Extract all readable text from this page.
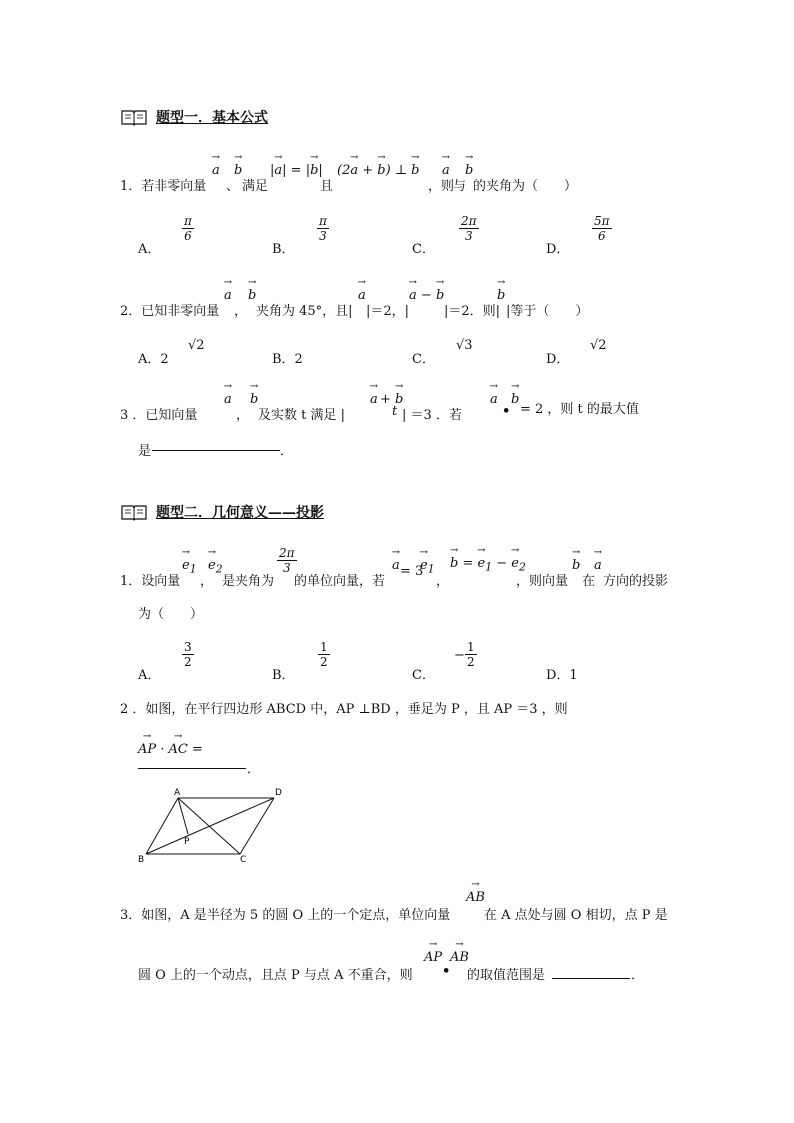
题型一．基本公式
1．若非零向量
→ a
、
→ b
满足
|→ a| = |→ b|
且
(2→ a + → b) ⊥ → b
，则
→ a
与
→ b
的夹角为（　　）
A．
$\frac{\pi}{6}$
B．
$\frac{\pi}{3}$
C．
$\frac{2\pi}{3}$
D．
$\frac{5\pi}{6}$
2．已知非零向量
→ a
，
→ b
夹角为 45°，且|
→ a
|＝2，|
→ a − → b
|＝2．则|
→ b
|等于（　　）
A．2
√2
B．2	C．
√3
D．
√2
3 ．已知向量
→ a
，
→ b
及实数 t 满足 |
→ a +
→ b
t | ＝3 ．若
→ a
•
→ b
= 2 ，则 t 的最大值
是	．
题型二．几何意义——投影
1．设向量
→ $e_1$
，
→ $e_2$
是夹角为
$\frac{2\pi}{3}$
的单位向量，若
→ a = 3
→ $e_1$
，
→ b = → $e_1$ − → $e_2$
，则向量
→ b
在
→ a
方向的投影
为（　　）
A．
$\frac{3}{2}$
B．
$\frac{1}{2}$
C．
− $\frac{1}{2}$
D．1
2 ．如图，在平行四边形 ABCD 中，AP ⊥BD ，垂足为 P ，且 AP ＝3 ，则
→ AP · → AC =
．
A	D
P
B	C
3．如图，A 是半径为 5 的圆 O 上的一个定点，单位向量
→ AB
在 A 点处与圆 O 相切，点 P 是
圆 O 上的一个动点，且点 P 与点 A 不重合，则
→ AP
•
→ AB
的取值范围是	．
